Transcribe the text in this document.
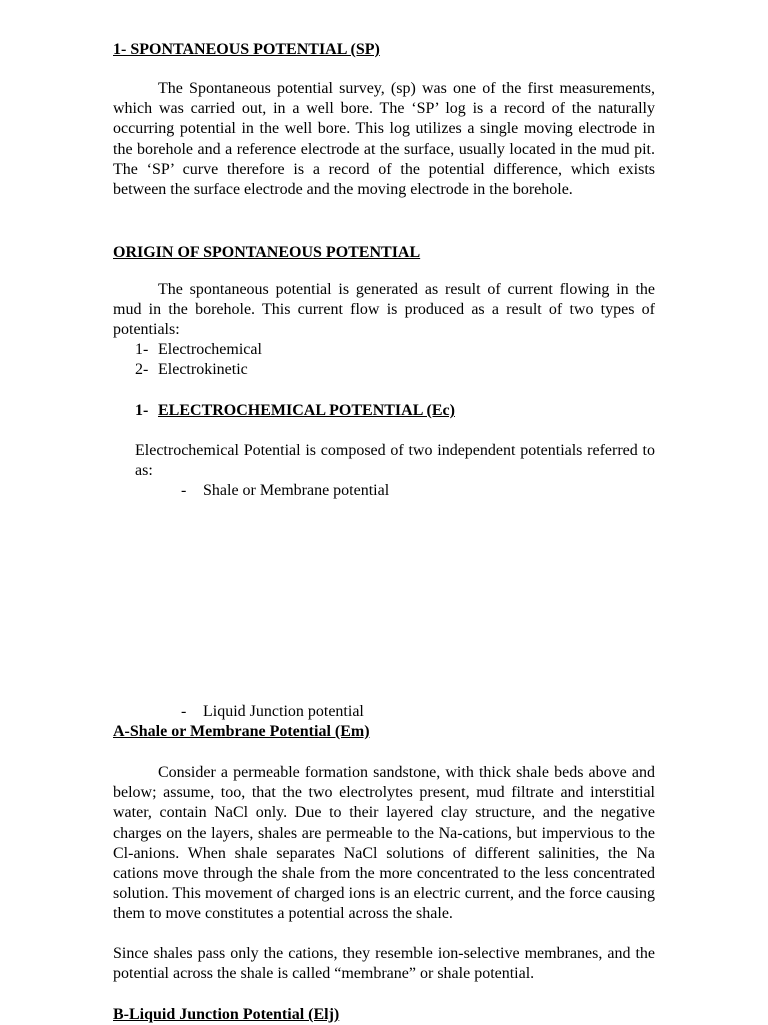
1- SPONTANEOUS POTENTIAL (SP)
The Spontaneous potential survey, (sp) was one of the first measurements, which was carried out, in a well bore. The ‘SP’ log is a record of the naturally occurring potential in the well bore. This log utilizes a single moving electrode in the borehole and a reference electrode at the surface, usually located in the mud pit. The ‘SP’ curve therefore is a record of the potential difference, which exists between the surface electrode and the moving electrode in the borehole.
ORIGIN OF SPONTANEOUS POTENTIAL
The spontaneous potential is generated as result of current flowing in the mud in the borehole. This current flow is produced as a result of two types of potentials:
1- Electrochemical
2- Electrokinetic
1- ELECTROCHEMICAL POTENTIAL (Ec)
Electrochemical Potential is composed of two independent potentials referred to as:
- Shale or Membrane potential
- Liquid Junction potential
A-Shale or Membrane Potential (Em)
Consider a permeable formation sandstone, with thick shale beds above and below; assume, too, that the two electrolytes present, mud filtrate and interstitial water, contain NaCl only. Due to their layered clay structure, and the negative charges on the layers, shales are permeable to the Na-cations, but impervious to the Cl-anions. When shale separates NaCl solutions of different salinities, the Na cations move through the shale from the more concentrated to the less concentrated solution. This movement of charged ions is an electric current, and the force causing them to move constitutes a potential across the shale.
Since shales pass only the cations, they resemble ion-selective membranes, and the potential across the shale is called “membrane” or shale potential.
B-Liquid Junction Potential (Elj)
